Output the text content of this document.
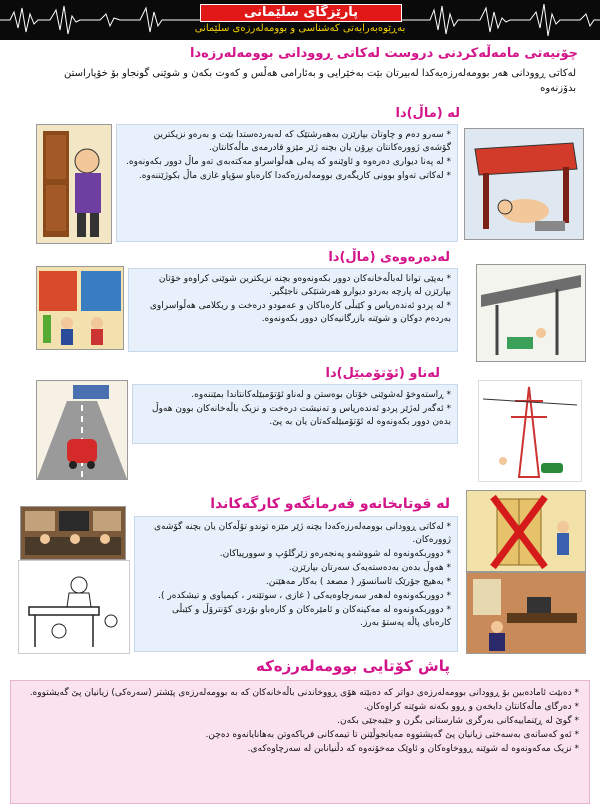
پارێزگای سلێمانی
بەڕێوەبەرایەتی کەشناسی و بوومەلەرزەی سلێمانی
چۆنیەتی مامەڵەکردنی دروست لەکاتی ڕوودانی بوومەلەرزەدا
لەکاتی ڕوودانی هەر بوومەلەرزەیەکدا لەبیرتان بێت بەخێرایی و بەئارامی هەڵس و کەوت بکەن و شوێنی گونجاو بۆ خۆپاراستن بدۆزنەوە
لە (ماڵ)دا

* سەرو دەم و چاوتان بپارێزن بەهەرشتێک کە لەبەردەستدا بێت و بەرەو نزیکترین گۆشەی ژوورەکانتان بڕۆن یان بچنە ژێر مێزو قادرمەی ماڵەکانتان.

* لە پەنا دیواری دەرەوە و ئاوێنەو کە پەلی هەڵواسراو مەکتەبەی تەو ماڵ دوور بکەونەوە.

* لەکاتی تەواو بوونی کاریگەری بوومەلەرزەکەدا کارەباو سۆپاو غازی ماڵ بکوژێننەوە.

لەدەرەوەی (ماڵ)دا

* بەپێی توانا لەباڵەخانەکان دوور بکەونەوەو بچنە نزیکترین شوێنی کراوەو خۆتان بپارێزن لە پارچە بەردو دیوارو هەرشتێکی ناجێگیر.

* لە پردو ئەندەرپاس و کێبڵی کارەباکان و عەمودو درەخت و ریکلامی هەڵواسراوی بەردەم دوکان و شوێنە بازرگانیەکان دوور بکەونەوە.

لەناو (ئۆتۆمبێل)دا

* ڕاستەوخۆ لەشوێنی خۆتان بوەستن و لەناو ئۆتۆمبێلەکانتاندا بمێننەوە.

* ئەگەر لەژێر پردو ئەندەرپاس و تەنیشت درەخت و نزیک باڵەخانەکان بوون هەوڵ بدەن دوور بکەونەوە لە ئۆتۆمبێلەکەتان یان بە پێ.

لە قوتابخانەو فەرمانگەو کارگەکاندا

* لەکاتی ڕوودانی بوومەلەرزەکەدا بچنە ژێر مێزە توندو تۆڵەکان یان بچنە گۆشەی ژوورەکان.

* دووربکەونەوە لە شووشەو پەنجەرەو زێرگلۆپ و سوورپیاکان.

* هەوڵ بدەن بەدەستەیەک سەرتان بپارێزن.

* بەهیچ جۆرێک ئاسانسۆر ( مصعد ) بەکار مەهێنن.

* دووربکەونەوە لەهەر سەرچاوەیەکی ( غازی ، سوتێنەر ، کیمیاوی و تیشکدەر ).

* دووربکەونەوە لە مەکینەکان و ئامێرەکان و کارەباو بۆردی کۆنترۆڵ و کێبڵی کارەبای پاڵە پەستۆ بەرز.

پاش کۆتایی بوومەلەرزەکە

* دەبێت ئامادەبین بۆ ڕوودانی بوومەلەرزەی دواتر کە دەبێتە هۆی ڕووخاندنی باڵەخانەکان کە بە بوومەلەرزەی پێشتر (سەرەکی) زیانیان پێ گەیشتووە.

* دەرگای ماڵەکانتان دابخەن و ڕوو بکەنە شوێنە کراوەکان.

* گوێ لە ڕێنماییەکانی بەرگری شارستانی بگرن و جێبەجێی بکەن.

* ئەو کەسانەی بەسەختی زیانیان پێ گەیشتووە مەیانجوڵێنن تا تیمەکانی فریاکەوتن بەهانایانەوە دەچن.

* نزیک مەکەونەوە لە شوێنە ڕووخاوەکان و ئاوێک مەخۆنەوە کە دڵنیانابن لە سەرچاوەکەی.
